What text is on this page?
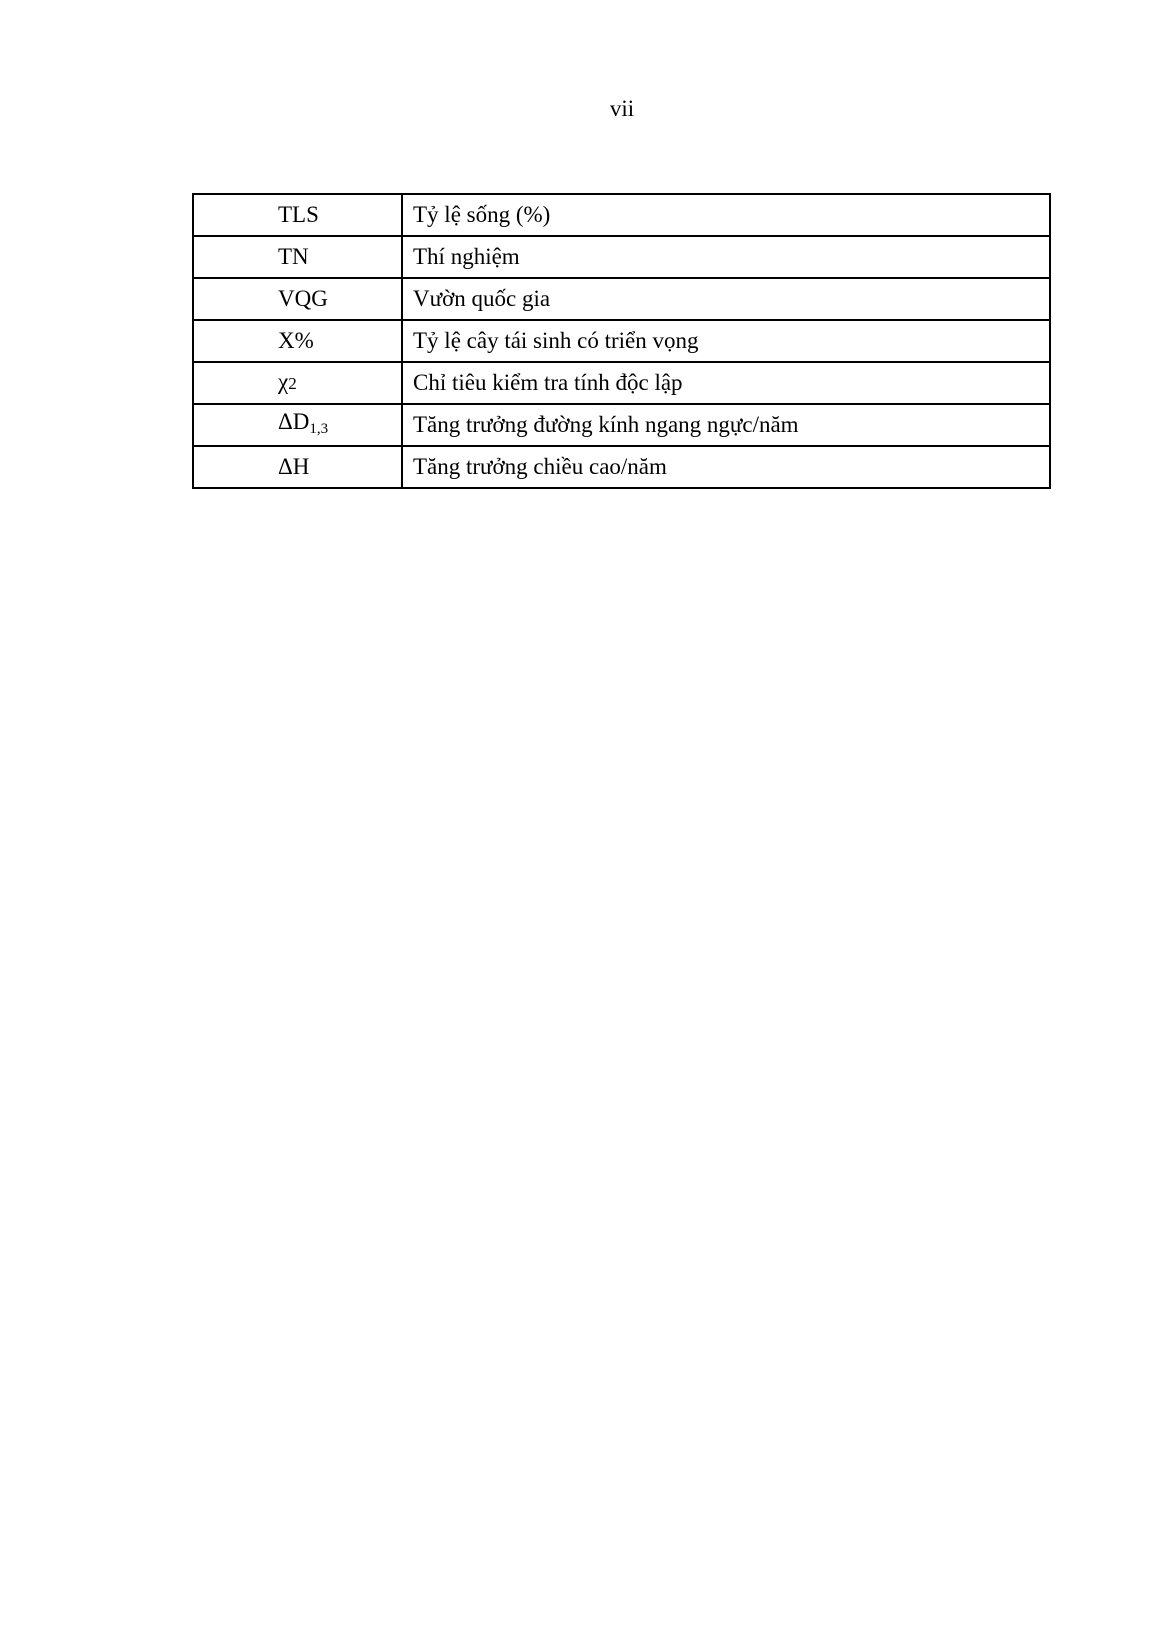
vii
TLS	Tỷ lệ sống (%)
TN	Thí nghiệm
VQG	Vườn quốc gia
X%	Tỷ lệ cây tái sinh có triển vọng
χ2	Chỉ tiêu kiểm tra tính độc lập
$\Delta D_{1,3}$	Tăng trưởng đường kính ngang ngực/năm
ΔH	Tăng trưởng chiều cao/năm
